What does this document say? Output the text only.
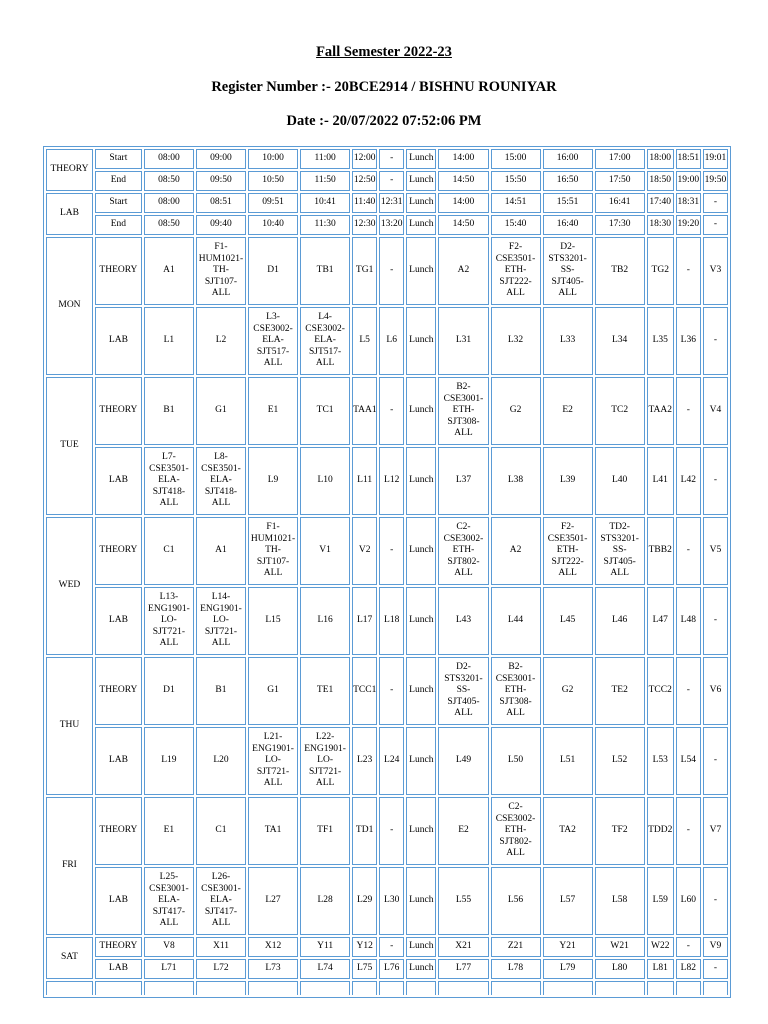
Fall Semester 2022-23
Register Number :- 20BCE2914 / BISHNU ROUNIYAR
Date :- 20/07/2022 07:52:06 PM
THEORY	Start	08:00	09:00	10:00	11:00	12:00	-	Lunch	14:00	15:00	16:00	17:00	18:00	18:51	19:01
	End	08:50	09:50	10:50	11:50	12:50	-	Lunch	14:50	15:50	16:50	17:50	18:50	19:00	19:50
LAB	Start	08:00	08:51	09:51	10:41	11:40	12:31	Lunch	14:00	14:51	15:51	16:41	17:40	18:31	-
	End	08:50	09:40	10:40	11:30	12:30	13:20	Lunch	14:50	15:40	16:40	17:30	18:30	19:20	-
MON	THEORY	A1	F1-
HUM1021-
TH-
SJT107-
ALL	D1	TB1	TG1	-	Lunch	A2	F2-
CSE3501-
ETH-
SJT222-
ALL	D2-
STS3201-
SS-
SJT405-
ALL	TB2	TG2	-	V3
	LAB	L1	L2	L3-
CSE3002-
ELA-
SJT517-
ALL	L4-
CSE3002-
ELA-
SJT517-
ALL	L5	L6	Lunch	L31	L32	L33	L34	L35	L36	-
TUE	THEORY	B1	G1	E1	TC1	TAA1	-	Lunch	B2-
CSE3001-
ETH-
SJT308-
ALL	G2	E2	TC2	TAA2	-	V4
	LAB	L7-
CSE3501-
ELA-
SJT418-
ALL	L8-
CSE3501-
ELA-
SJT418-
ALL	L9	L10	L11	L12	Lunch	L37	L38	L39	L40	L41	L42	-
WED	THEORY	C1	A1	F1-
HUM1021-
TH-
SJT107-
ALL	V1	V2	-	Lunch	C2-
CSE3002-
ETH-
SJT802-
ALL	A2	F2-
CSE3501-
ETH-
SJT222-
ALL	TD2-
STS3201-
SS-
SJT405-
ALL	TBB2	-	V5
	LAB	L13-
ENG1901-
LO-
SJT721-
ALL	L14-
ENG1901-
LO-
SJT721-
ALL	L15	L16	L17	L18	Lunch	L43	L44	L45	L46	L47	L48	-
THU	THEORY	D1	B1	G1	TE1	TCC1	-	Lunch	D2-
STS3201-
SS-
SJT405-
ALL	B2-
CSE3001-
ETH-
SJT308-
ALL	G2	TE2	TCC2	-	V6
	LAB	L19	L20	L21-
ENG1901-
LO-
SJT721-
ALL	L22-
ENG1901-
LO-
SJT721-
ALL	L23	L24	Lunch	L49	L50	L51	L52	L53	L54	-
FRI	THEORY	E1	C1	TA1	TF1	TD1	-	Lunch	E2	C2-
CSE3002-
ETH-
SJT802-
ALL	TA2	TF2	TDD2	-	V7
	LAB	L25-
CSE3001-
ELA-
SJT417-
ALL	L26-
CSE3001-
ELA-
SJT417-
ALL	L27	L28	L29	L30	Lunch	L55	L56	L57	L58	L59	L60	-
SAT	THEORY	V8	X11	X12	Y11	Y12	-	Lunch	X21	Z21	Y21	W21	W22	-	V9
	LAB	L71	L72	L73	L74	L75	L76	Lunch	L77	L78	L79	L80	L81	L82	-
